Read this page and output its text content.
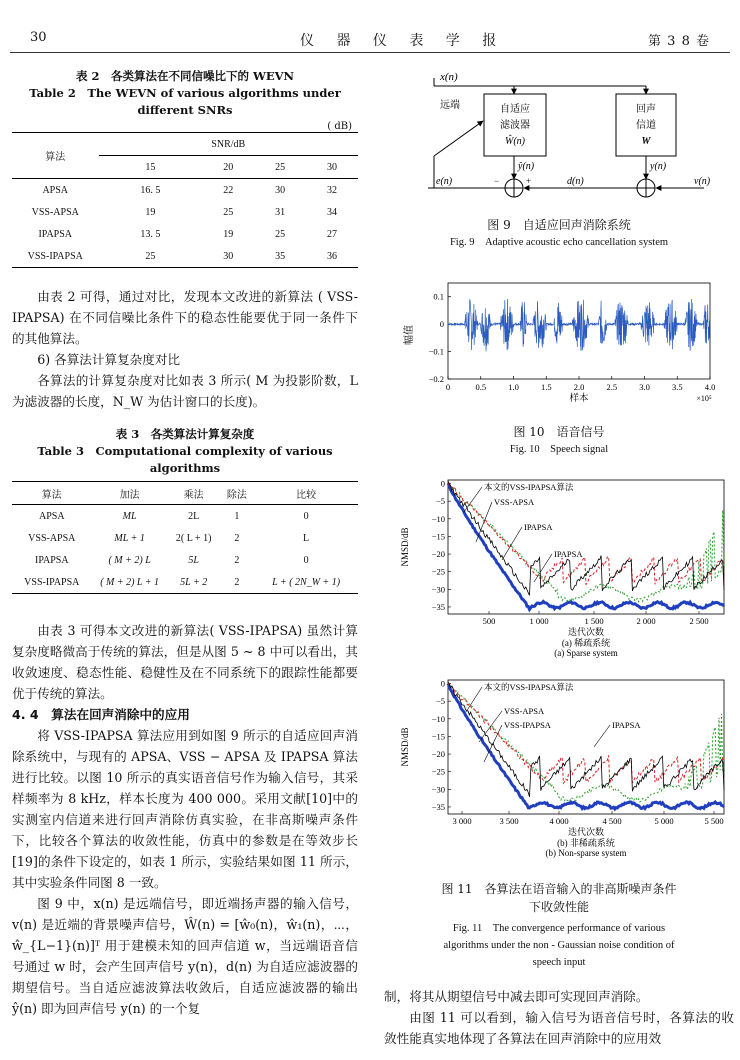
30	仪 器 仪 表 学 报	第 3 8 卷
表 2　各类算法在不同信噪比下的 WEVN
Table 2　The WEVN of various algorithms under
different SNRs
( dB)
算法	SNR/dB			
	15	20	25	30
APSA	16. 5	22	30	32
VSS-APSA	19	25	31	34
IPAPSA	13. 5	19	25	27
VSS-IPAPSA	25	30	35	36

由表 2 可得，通过对比，发现本文改进的新算法 ( VSS-IPAPSA) 在不同信噪比条件下的稳态性能要优于同一条件下的其他算法。

6) 各算法计算复杂度对比

各算法的计算复杂度对比如表 3 所示( M 为投影阶数，L 为滤波器的长度，N_W 为估计窗口的长度)。

表 3　各类算法计算复杂度
Table 3　Computational complexity of various algorithms
算法	加法	乘法	除法	比较
APSA	ML	2L	1	0
VSS-APSA	ML + 1	2( L + 1)	2	L
IPAPSA	( M + 2) L	5L	2	0
VSS-IPAPSA	( M + 2) L + 1	5L + 2	2	L + ( 2N_W + 1)

由表 3 可得本文改进的新算法( VSS-IPAPSA) 虽然计算复杂度略微高于传统的算法，但是从图 5 ~ 8 中可以看出，其收敛速度、稳态性能、稳健性及在不同系统下的跟踪性能都要优于传统的算法。

4. 4　算法在回声消除中的应用

将 VSS-IPAPSA 算法应用到如图 9 所示的自适应回声消除系统中，与现有的 APSA、VSS − APSA 及 IPAPSA 算法进行比较。以图 10 所示的真实语音信号作为输入信号，其采样频率为 8 kHz，样本长度为 400 000。采用文献[10]中的实测室内信道来进行回声消除仿真实验，在非高斯噪声条件下，比较各个算法的收敛性能，仿真中的参数是在等效步长[19]的条件下设定的，如表 1 所示，实验结果如图 11 所示，其中实验条件同图 8 一致。

图 9 中，x(n) 是远端信号，即近端扬声器的输入信号，v(n) 是近端的背景噪声信号，Ŵ(n) = [ŵ₀(n)，ŵ₁(n)，⋯，ŵ_{L−1}(n)]ᵀ 用于建模未知的回声信道 w，当远端语音信号通过 w 时，会产生回声信号 y(n)，d(n) 为自适应滤波器的期望信号。当自适应滤波算法收敛后，自适应滤波器的输出 ŷ(n) 即为回声信号 y(n) 的一个复

x(n)
远端	自适应
滤波器
Ŵ(n)
回声
信道
W
ŷ(n)	y(n)
v(n)
d(n)
e(n)	−	+
图 9　自适应回声消除系统
Fig. 9　Adaptive acoustic echo cancellation system
0.1
0
−0.1
−0.2
0	0.5	1.0	1.5	2.0	2.5	3.0	3.5	4.0
幅值
样本	×10⁵
图 10　语音信号
Fig. 10　Speech signal
0
−5
−10
−15
−20
−25
−30
−35
NMSD/dB
500	1 000	1 500	2 000	2 500
迭代次数
(a) 稀疏系统
(a) Sparse system
本文的VSS-IPAPSA算法
VSS-APSA
IPAPSA
IPAPSA

0
−5
−10
−15
−20
−25
−30
−35
NMSD/dB
3 000	3 500	4 000	4 500	5 000	5 500
迭代次数
(b) 非稀疏系统
(b) Non-sparse system
本文的VSS-IPAPSA算法
VSS-APSA
VSS-IPAPSA	IPAPSA
图 11　各算法在语音输入的非高斯噪声条件
下收敛性能
Fig. 11　The convergence performance of various
algorithms under the non - Gaussian noise condition of
speech input

制，将其从期望信号中减去即可实现回声消除。

由图 11 可以看到，输入信号为语音信号时，各算法的收敛性能真实地体现了各算法在回声消除中的应用效
